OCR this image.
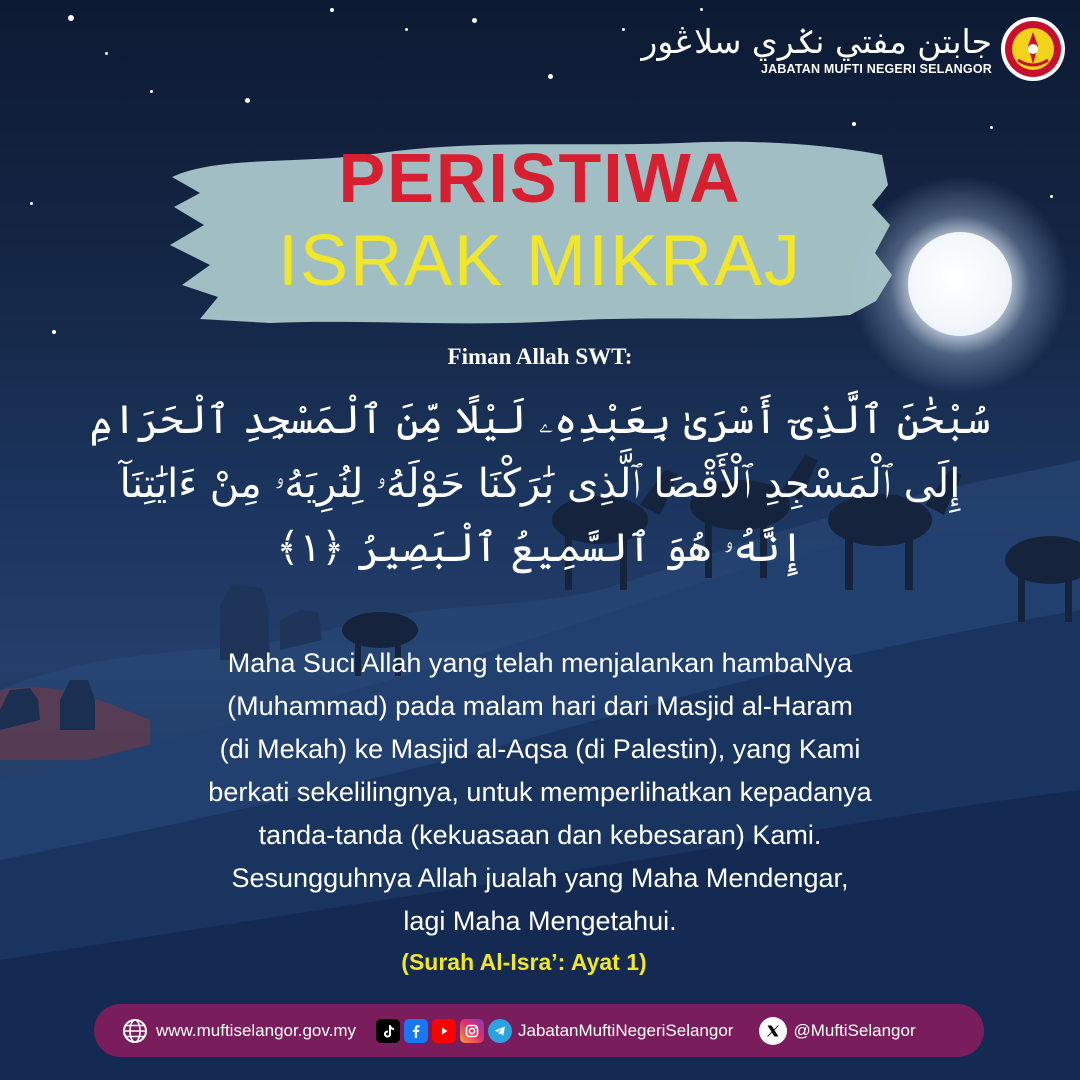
جابتن مفتي نݢري سلاڠور
JABATAN MUFTI NEGERI SELANGOR
PERISTIWA
ISRAK MIKRAJ
Fiman Allah SWT:
سُبْحَٰنَ ٱلَّذِىٓ أَسْرَىٰ بِعَبْدِهِۦ لَيْلًا مِّنَ ٱلْمَسْجِدِ ٱلْحَرَامِ
إِلَى ٱلْمَسْجِدِ ٱلْأَقْصَا ٱلَّذِى بَٰرَكْنَا حَوْلَهُۥ لِنُرِيَهُۥ مِنْ ءَايَٰتِنَآ
إِنَّهُۥ هُوَ ٱلسَّمِيعُ ٱلْبَصِيرُ ﴿١﴾
Maha Suci Allah yang telah menjalankan hambaNya
(Muhammad) pada malam hari dari Masjid al-Haram
(di Mekah) ke Masjid al-Aqsa (di Palestin), yang Kami
berkati sekelilingnya, untuk memperlihatkan kepadanya
tanda-tanda (kekuasaan dan kebesaran) Kami.
Sesungguhnya Allah jualah yang Maha Mendengar,
lagi Maha Mengetahui.
(Surah Al-Isra’: Ayat 1)
www.muftiselangor.gov.my	JabatanMuftiNegeriSelangor	@MuftiSelangor
